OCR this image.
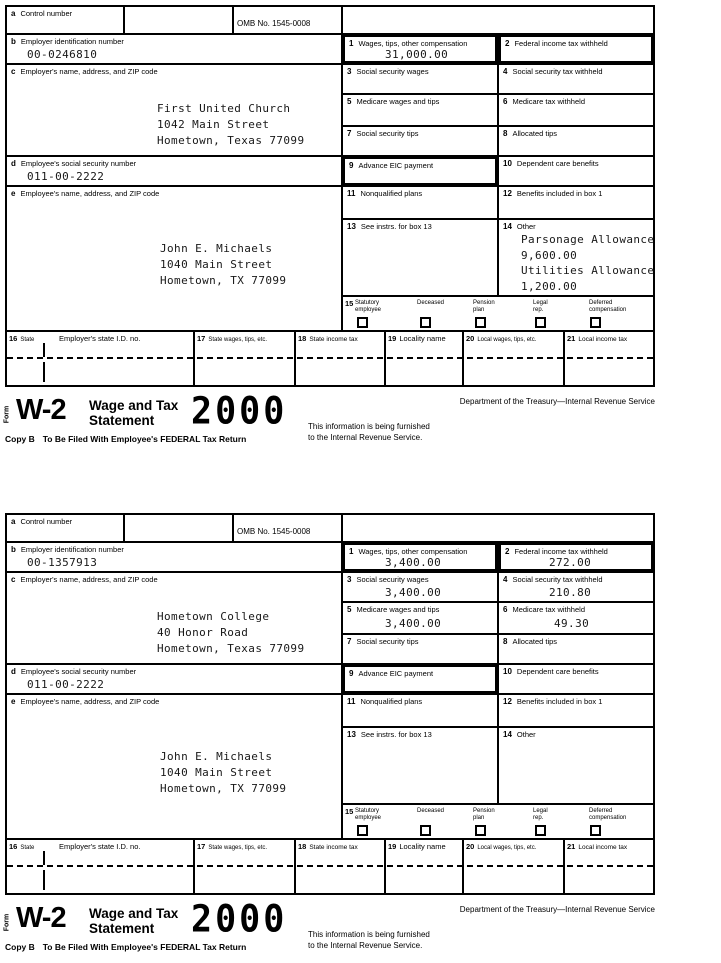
a Control number
OMB No. 1545-0008
b Employer identification number
00-0246810
1 Wages, tips, other compensation
31,000.00
2 Federal income tax withheld
c Employer's name, address, and ZIP code
First United Church
1042 Main Street
Hometown, Texas 77099
3 Social security wages	4 Social security tax withheld
5 Medicare wages and tips	6 Medicare tax withheld
7 Social security tips	8 Allocated tips
d Employee's social security number
011-00-2222
9 Advance EIC payment	10 Dependent care benefits
e Employee's name, address, and ZIP code
John E. Michaels
1040 Main Street
Hometown, TX 77099
11 Nonqualified plans	12 Benefits included in box 1
13 See instrs. for box 13	14 Other
Parsonage Allowance
9,600.00
Utilities Allowance
1,200.00
15 Statutory employee
Deceased	Pension plan
Legal rep.
Deferred compensation
16 State	Employer's state I.D. no.	17 State wages, tips, etc.	18 State income tax	19 Locality name	20 Local wages, tips, etc.	21 Local income tax
Form W-2 Wage and Tax
Statement	2000
Copy B To Be Filed With Employee's FEDERAL Tax Return
Department of the Treasury—Internal Revenue Service
This information is being furnished
to the Internal Revenue Service.
a Control number
OMB No. 1545-0008
b Employer identification number
00-1357913
1 Wages, tips, other compensation
3,400.00
2 Federal income tax withheld
272.00
c Employer's name, address, and ZIP code
Hometown College
40 Honor Road
Hometown, Texas 77099
3 Social security wages
3,400.00
4 Social security tax withheld
210.80
5 Medicare wages and tips
3,400.00
6 Medicare tax withheld
49.30
7 Social security tips	8 Allocated tips
d Employee's social security number
011-00-2222
9 Advance EIC payment	10 Dependent care benefits
e Employee's name, address, and ZIP code
John E. Michaels
1040 Main Street
Hometown, TX 77099
11 Nonqualified plans	12 Benefits included in box 1
13 See instrs. for box 13	14 Other
15 Statutory employee
Deceased	Pension plan
Legal rep.
Deferred compensation
16 State	Employer's state I.D. no.	17 State wages, tips, etc.	18 State income tax	19 Locality name	20 Local wages, tips, etc.	21 Local income tax
Form W-2 Wage and Tax
Statement	2000
Copy B To Be Filed With Employee's FEDERAL Tax Return
Department of the Treasury—Internal Revenue Service
This information is being furnished
to the Internal Revenue Service.
